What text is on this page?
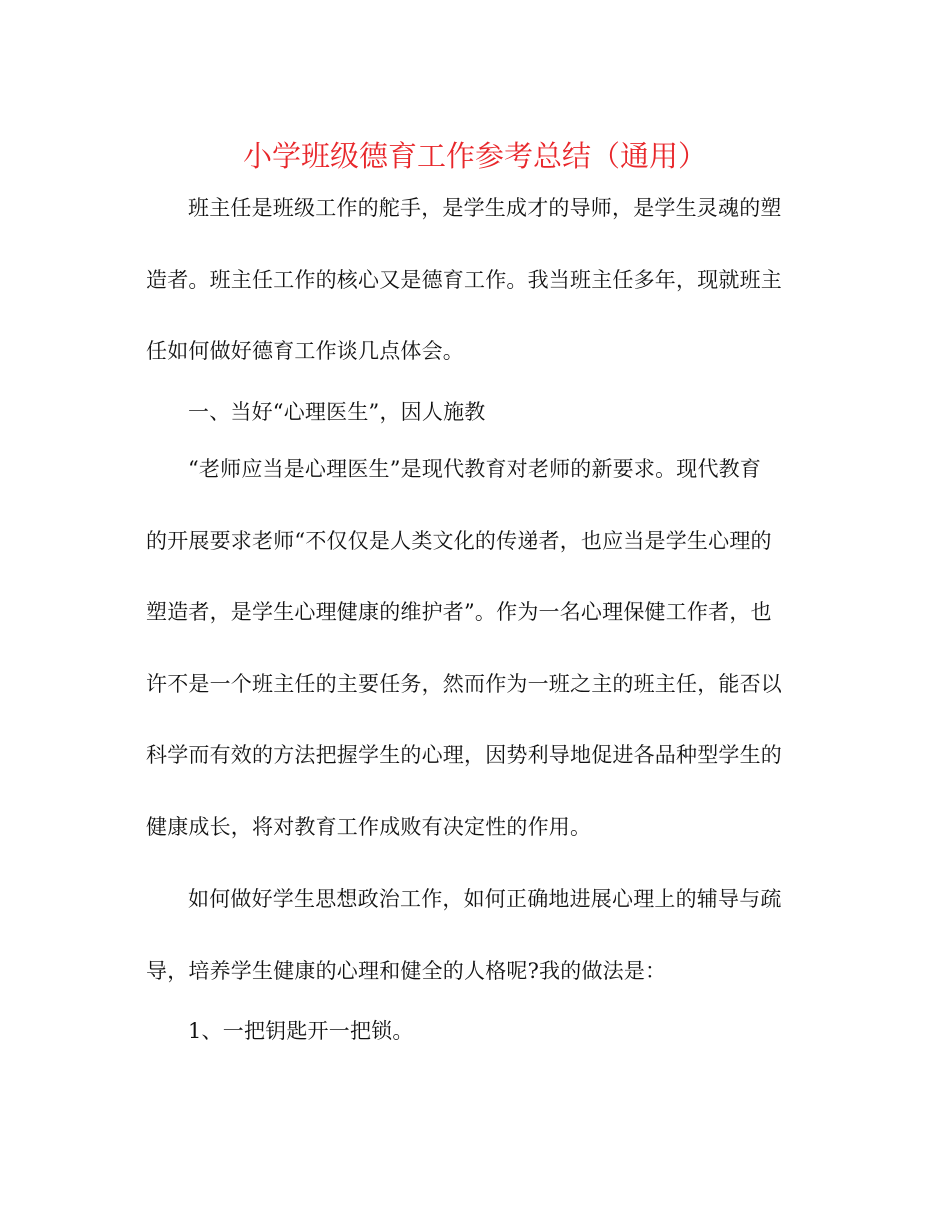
小学班级德育工作参考总结（通用）
班主任是班级工作的舵手，是学生成才的导师，是学生灵魂的塑
造者。班主任工作的核心又是德育工作。我当班主任多年，现就班主
任如何做好德育工作谈几点体会。
一、当好“心理医生”，因人施教
“老师应当是心理医生”是现代教育对老师的新要求。现代教育
的开展要求老师“不仅仅是人类文化的传递者，也应当是学生心理的
塑造者，是学生心理健康的维护者”。作为一名心理保健工作者，也
许不是一个班主任的主要任务，然而作为一班之主的班主任，能否以
科学而有效的方法把握学生的心理，因势利导地促进各品种型学生的
健康成长，将对教育工作成败有决定性的作用。
如何做好学生思想政治工作，如何正确地进展心理上的辅导与疏
导，培养学生健康的心理和健全的人格呢?我的做法是：
1、一把钥匙开一把锁。
